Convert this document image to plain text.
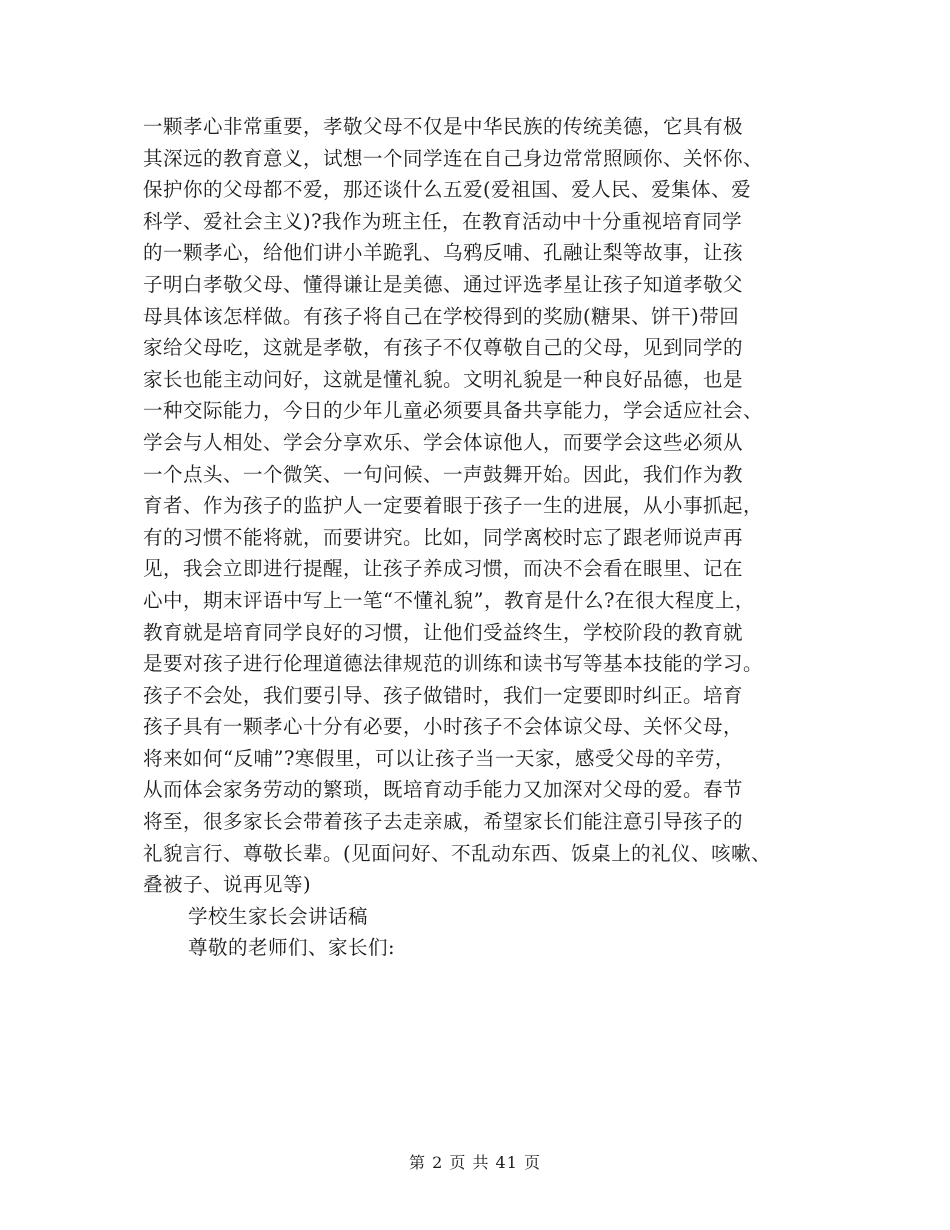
一颗孝心非常重要，孝敬父母不仅是中华民族的传统美德，它具有极
其深远的教育意义，试想一个同学连在自己身边常常照顾你、关怀你、
保护你的父母都不爱，那还谈什么五爱(爱祖国、爱人民、爱集体、爱
科学、爱社会主义)?我作为班主任，在教育活动中十分重视培育同学
的一颗孝心，给他们讲小羊跪乳、乌鸦反哺、孔融让梨等故事，让孩
子明白孝敬父母、懂得谦让是美德、通过评选孝星让孩子知道孝敬父
母具体该怎样做。有孩子将自己在学校得到的奖励(糖果、饼干)带回
家给父母吃，这就是孝敬，有孩子不仅尊敬自己的父母，见到同学的
家长也能主动问好，这就是懂礼貌。文明礼貌是一种良好品德，也是
一种交际能力，今日的少年儿童必须要具备共享能力，学会适应社会、
学会与人相处、学会分享欢乐、学会体谅他人，而要学会这些必须从
一个点头、一个微笑、一句问候、一声鼓舞开始。因此，我们作为教
育者、作为孩子的监护人一定要着眼于孩子一生的进展，从小事抓起，
有的习惯不能将就，而要讲究。比如，同学离校时忘了跟老师说声再
见，我会立即进行提醒，让孩子养成习惯，而决不会看在眼里、记在
心中，期末评语中写上一笔“不懂礼貌”，教育是什么?在很大程度上，
教育就是培育同学良好的习惯，让他们受益终生，学校阶段的教育就
是要对孩子进行伦理道德法律规范的训练和读书写等基本技能的学习。
孩子不会处，我们要引导、孩子做错时，我们一定要即时纠正。培育
孩子具有一颗孝心十分有必要，小时孩子不会体谅父母、关怀父母，
将来如何“反哺”?寒假里，可以让孩子当一天家，感受父母的辛劳，
从而体会家务劳动的繁琐，既培育动手能力又加深对父母的爱。春节
将至，很多家长会带着孩子去走亲戚，希望家长们能注意引导孩子的
礼貌言行、尊敬长辈。(见面问好、不乱动东西、饭桌上的礼仪、咳嗽、
叠被子、说再见等)
学校生家长会讲话稿
尊敬的老师们、家长们:
第 2 页 共 41 页
